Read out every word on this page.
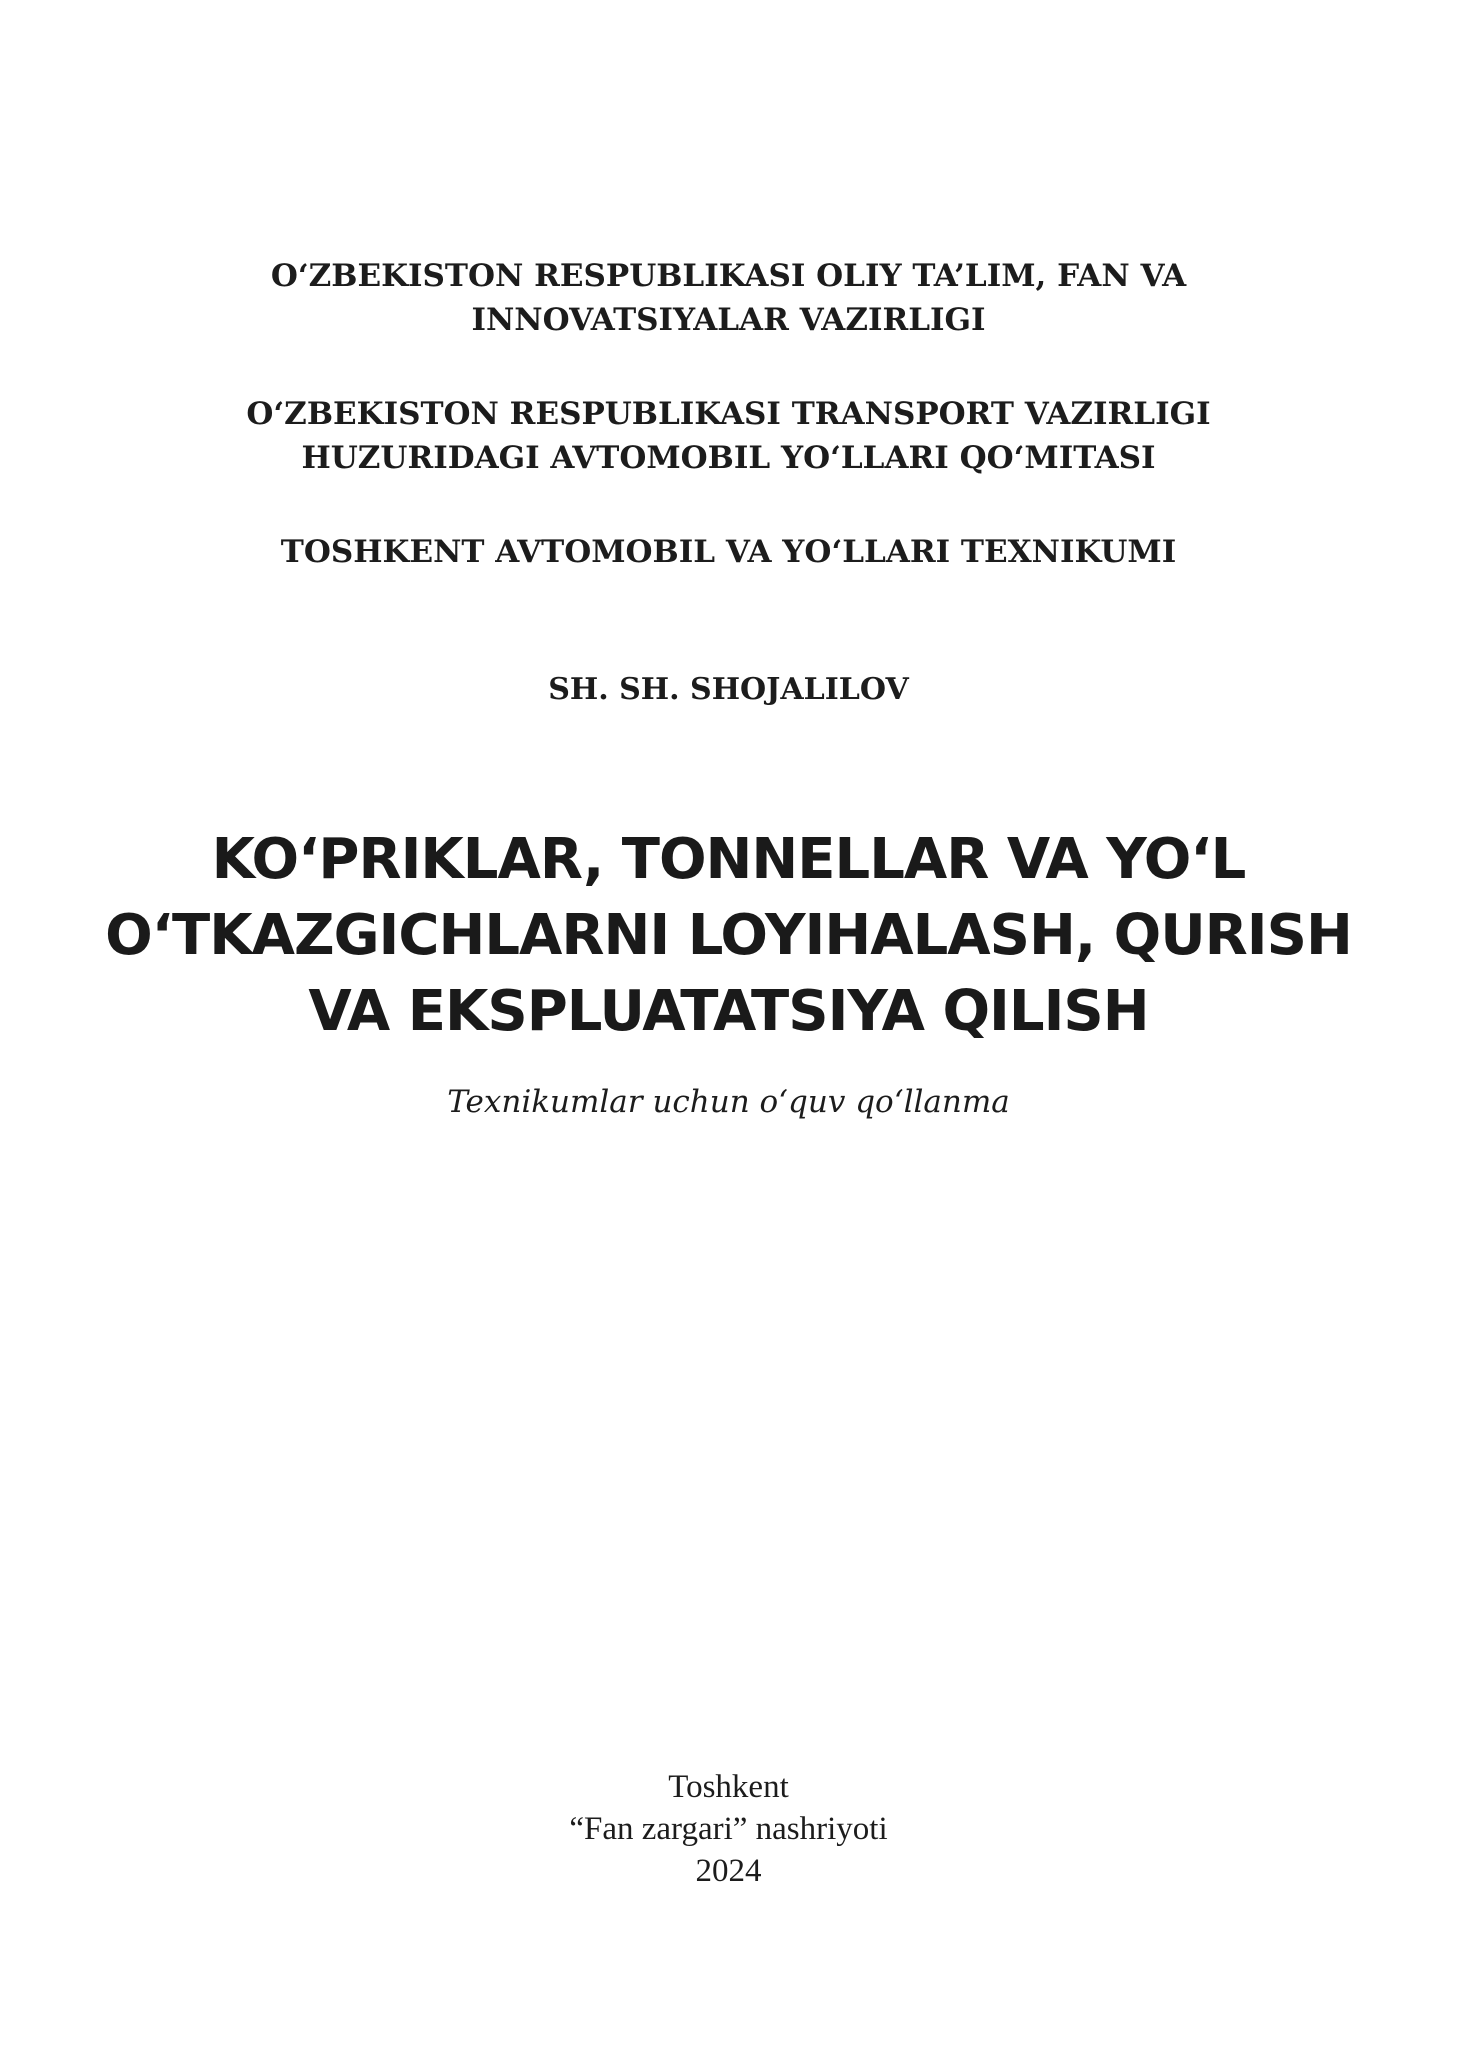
O‘ZBEKISTON RESPUBLIKASI OLIY TA’LIM, FAN VA
INNOVATSIYALAR VAZIRLIGI
O‘ZBEKISTON RESPUBLIKASI TRANSPORT VAZIRLIGI
HUZURIDAGI AVTOMOBIL YO‘LLARI QO‘MITASI
TOSHKENT AVTOMOBIL VA YO‘LLARI TEXNIKUMI
SH. SH. SHOJALILOV
KO‘PRIKLAR, TONNELLAR VA YO‘L
O‘TKAZGICHLARNI LOYIHALASH, QURISH
VA EKSPLUATATSIYA QILISH
Texnikumlar uchun o‘quv qo‘llanma
Toshkent
“Fan zargari” nashriyoti
2024
